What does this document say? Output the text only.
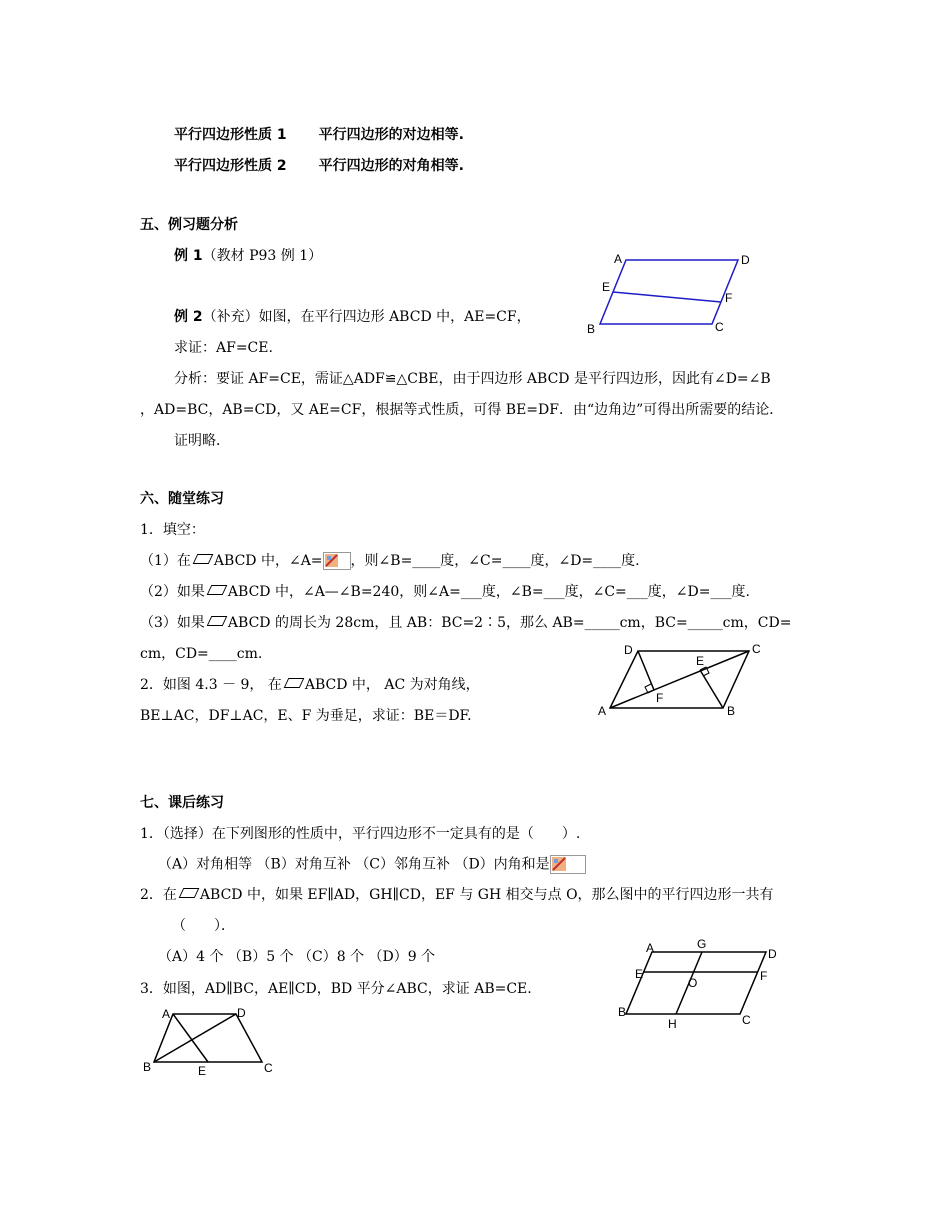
平行四边形性质 1 平行四边形的对边相等.
平行四边形性质 2 平行四边形的对角相等.
五、例习题分析
例 1（教材 P93 例 1）
例 2（补充）如图，在平行四边形 ABCD 中，AE=CF，
求证：AF=CE.
分析：要证 AF=CE，需证△ADF≌△CBE，由于四边形 ABCD 是平行四边形，因此有∠D=∠B
，AD=BC，AB=CD，又 AE=CF，根据等式性质，可得 BE=DF．由“边角边”可得出所需要的结论．
证明略．
A	D
E
F
B	C
六、随堂练习
1．填空：
（1）在 ABCD 中，∠A= ，则∠B=____度，∠C=____度，∠D=____度.
（2）如果 ABCD 中，∠A—∠B=240，则∠A=___度，∠B=___度，∠C=___度，∠D=___度.
（3）如果 ABCD 的周长为 28cm，且 AB：BC=2∶5，那么 AB=_____cm，BC=_____cm，CD=
cm，CD=____cm.
2．如图 4.3 － 9， 在 ABCD 中， AC 为对角线，
BE⊥AC，DF⊥AC，E、F 为垂足，求证：BE＝DF.
D
E
C
F
A	B
七、课后练习
1．（选择）在下列图形的性质中，平行四边形不一定具有的是（　　）.
（A）对角相等 （B）对角互补 （C）邻角互补 （D）内角和是
2．在 ABCD 中，如果 EF∥AD，GH∥CD，EF 与 GH 相交与点 O，那么图中的平行四边形一共有
（　　）．
（A）4 个 （B）5 个 （C）8 个 （D）9 个
3．如图，AD∥BC，AE∥CD，BD 平分∠ABC，求证 AB=CE.
A	G
D
E	F
O
B
H	C
A	D
B	E	C
